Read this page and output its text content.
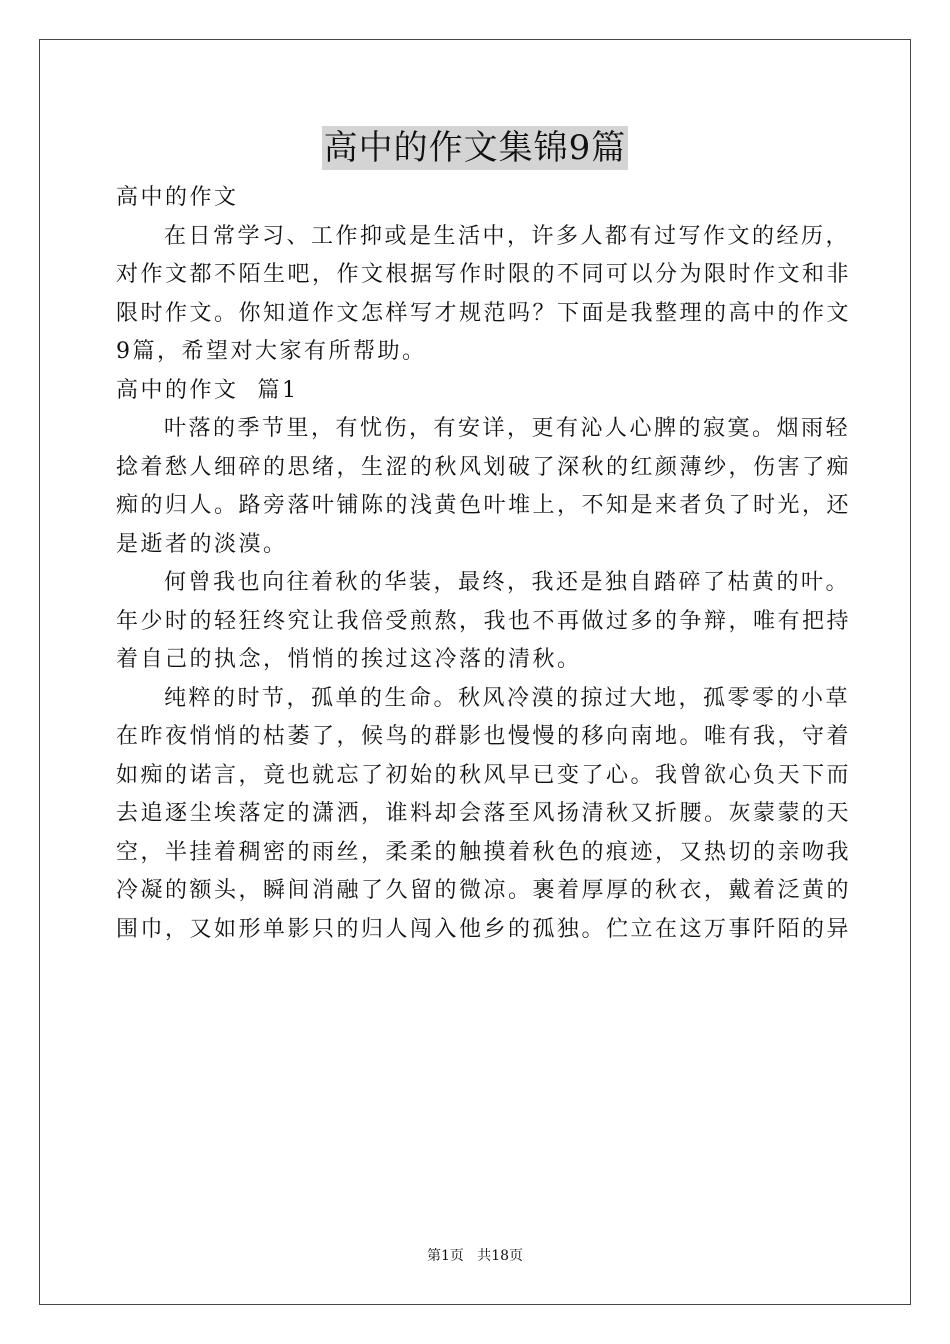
高中的作文集锦9篇
高中的作文
在日常学习、工作抑或是生活中，许多人都有过写作文的经历，
对作文都不陌生吧，作文根据写作时限的不同可以分为限时作文和非
限时作文。你知道作文怎样写才规范吗？下面是我整理的高中的作文
9篇，希望对大家有所帮助。
高中的作文  篇1
叶落的季节里，有忧伤，有安详，更有沁人心脾的寂寞。烟雨轻
捻着愁人细碎的思绪，生涩的秋风划破了深秋的红颜薄纱，伤害了痴
痴的归人。路旁落叶铺陈的浅黄色叶堆上，不知是来者负了时光，还
是逝者的淡漠。
何曾我也向往着秋的华装，最终，我还是独自踏碎了枯黄的叶。
年少时的轻狂终究让我倍受煎熬，我也不再做过多的争辩，唯有把持
着自己的执念，悄悄的挨过这冷落的清秋。
纯粹的时节，孤单的生命。秋风冷漠的掠过大地，孤零零的小草
在昨夜悄悄的枯萎了，候鸟的群影也慢慢的移向南地。唯有我，守着
如痴的诺言，竟也就忘了初始的秋风早已变了心。我曾欲心负天下而
去追逐尘埃落定的潇洒，谁料却会落至风扬清秋又折腰。灰蒙蒙的天
空，半挂着稠密的雨丝，柔柔的触摸着秋色的痕迹，又热切的亲吻我
冷凝的额头，瞬间消融了久留的微凉。裹着厚厚的秋衣，戴着泛黄的
围巾，又如形单影只的归人闯入他乡的孤独。伫立在这万事阡陌的异
第1页   共18页
